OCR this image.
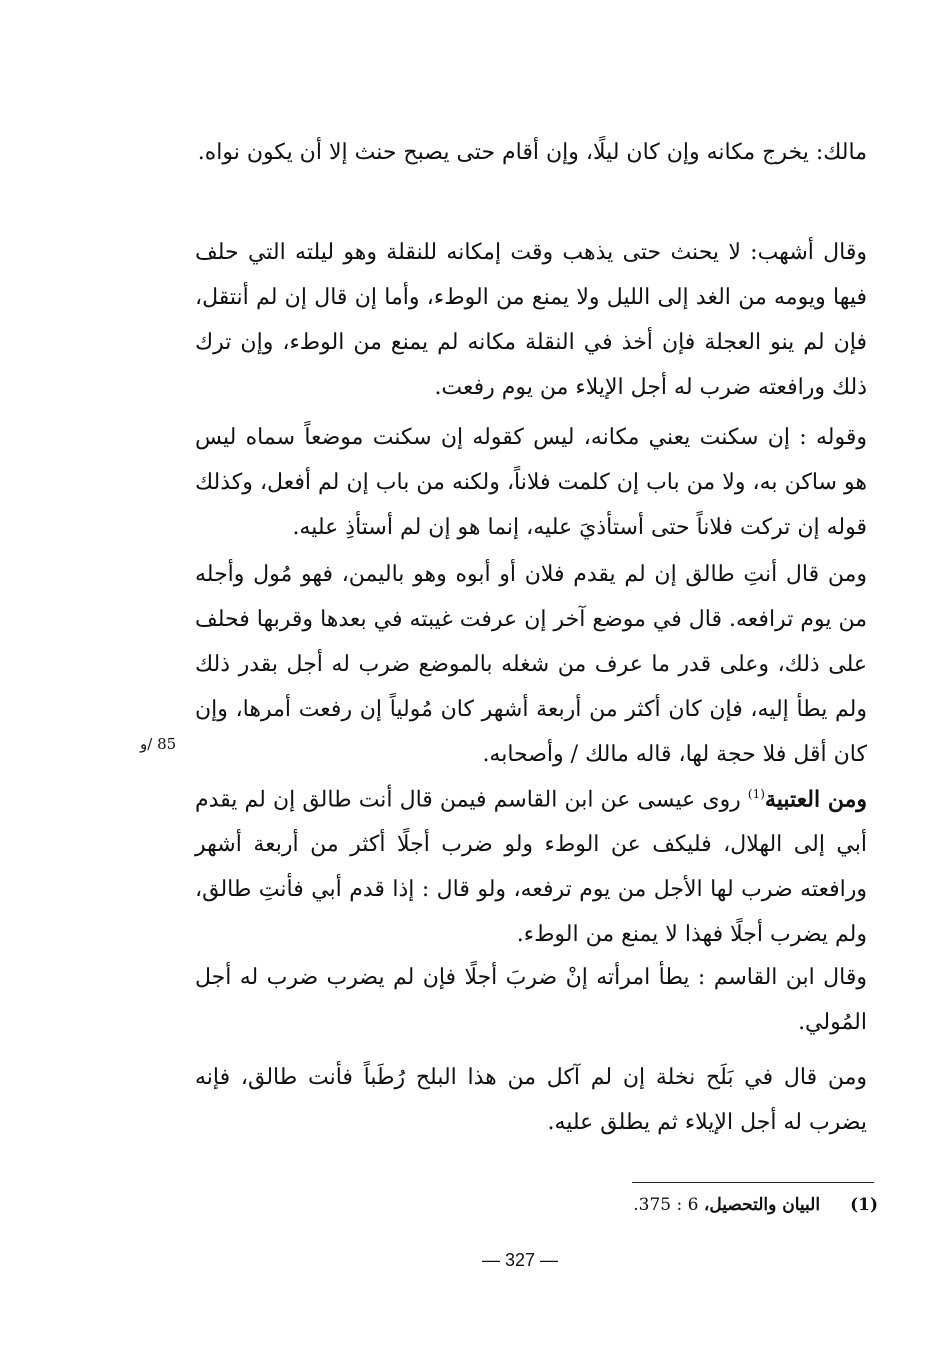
مالك: يخرج مكانه وإن كان ليلًا، وإن أقام حتى يصبح حنث إلا أن يكون نواه.

وقال أشهب: لا يحنث حتى يذهب وقت إمكانه للنقلة وهو ليلته التي حلف فيها ويومه من الغد إلى الليل ولا يمنع من الوطء، وأما إن قال إن لم أنتقل، فإن لم ينو العجلة فإن أخذ في النقلة مكانه لم يمنع من الوطء، وإن ترك ذلك ورافعته ضرب له أجل الإيلاء من يوم رفعت.

وقوله : إن سكنت يعني مكانه، ليس كقوله إن سكنت موضعاً سماه ليس هو ساكن به، ولا من باب إن كلمت فلاناً، ولكنه من باب إن لم أفعل، وكذلك قوله إن تركت فلاناً حتى أستأذيَ عليه، إنما هو إن لم أستأذِ عليه.

ومن قال أنتِ طالق إن لم يقدم فلان أو أبوه وهو باليمن، فهو مُول وأجله من يوم ترافعه. قال في موضع آخر إن عرفت غيبته في بعدها وقربها فحلف على ذلك، وعلى قدر ما عرف من شغله بالموضع ضرب له أجل بقدر ذلك ولم يطأ إليه، فإن كان أكثر من أربعة أشهر كان مُولياً إن رفعت أمرها، وإن كان أقل فلا حجة لها، قاله مالك / وأصحابه.

85 /و

ومن العتبية$^{(1)}$ روى عيسى عن ابن القاسم فيمن قال أنت طالق إن لم يقدم أبي إلى الهلال، فليكف عن الوطء ولو ضرب أجلًا أكثر من أربعة أشهر ورافعته ضرب لها الأجل من يوم ترفعه، ولو قال : إذا قدم أبي فأنتِ طالق، ولم يضرب أجلًا فهذا لا يمنع من الوطء.

وقال ابن القاسم : يطأ امرأته إنْ ضربَ أجلًا فإن لم يضرب ضرب له أجل المُولي.

ومن قال في بَلَح نخلة إن لم آكل من هذا البلح رُطَباً فأنت طالق، فإنه يضرب له أجل الإيلاء ثم يطلق عليه.

(1)البيان والتحصيل، 6 : 375.
— 327 —
